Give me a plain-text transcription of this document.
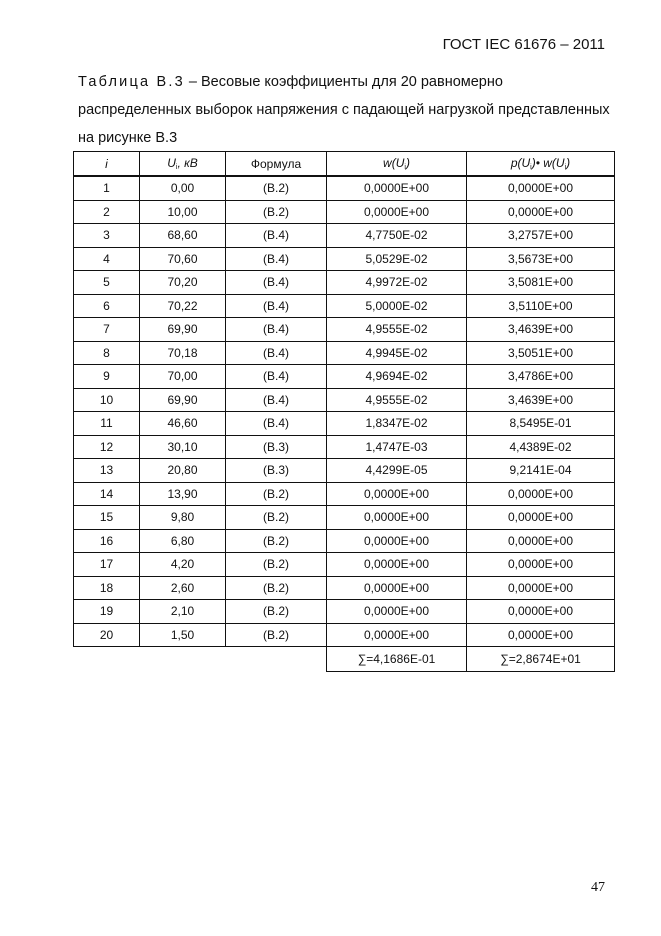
ГОСТ IEC 61676 – 2011
Таблица В.3 – Весовые коэффициенты для 20 равномерно распределенных выборок напряжения с падающей нагрузкой представленных на рисунке В.3
i	$U_i$, кВ	Формула	$w(U_i)$	$p(U_i)•$ $w(U_i)$
1	0,00	(В.2)	0,0000Е+00	0,0000Е+00
2	10,00	(В.2)	0,0000Е+00	0,0000Е+00
3	68,60	(В.4)	4,7750Е-02	3,2757Е+00
4	70,60	(В.4)	5,0529Е-02	3,5673Е+00
5	70,20	(В.4)	4,9972Е-02	3,5081Е+00
6	70,22	(В.4)	5,0000Е-02	3,5110Е+00
7	69,90	(В.4)	4,9555Е-02	3,4639Е+00
8	70,18	(В.4)	4,9945Е-02	3,5051Е+00
9	70,00	(В.4)	4,9694Е-02	3,4786Е+00
10	69,90	(В.4)	4,9555Е-02	3,4639Е+00
11	46,60	(В.4)	1,8347Е-02	8,5495Е-01
12	30,10	(В.3)	1,4747Е-03	4,4389Е-02
13	20,80	(В.3)	4,4299Е-05	9,2141Е-04
14	13,90	(В.2)	0,0000Е+00	0,0000Е+00
15	9,80	(В.2)	0,0000Е+00	0,0000Е+00
16	6,80	(В.2)	0,0000Е+00	0,0000Е+00
17	4,20	(В.2)	0,0000Е+00	0,0000Е+00
18	2,60	(В.2)	0,0000Е+00	0,0000Е+00
19	2,10	(В.2)	0,0000Е+00	0,0000Е+00
20	1,50	(В.2)	0,0000Е+00	0,0000Е+00
			∑=4,1686Е-01	∑=2,8674Е+01
47
